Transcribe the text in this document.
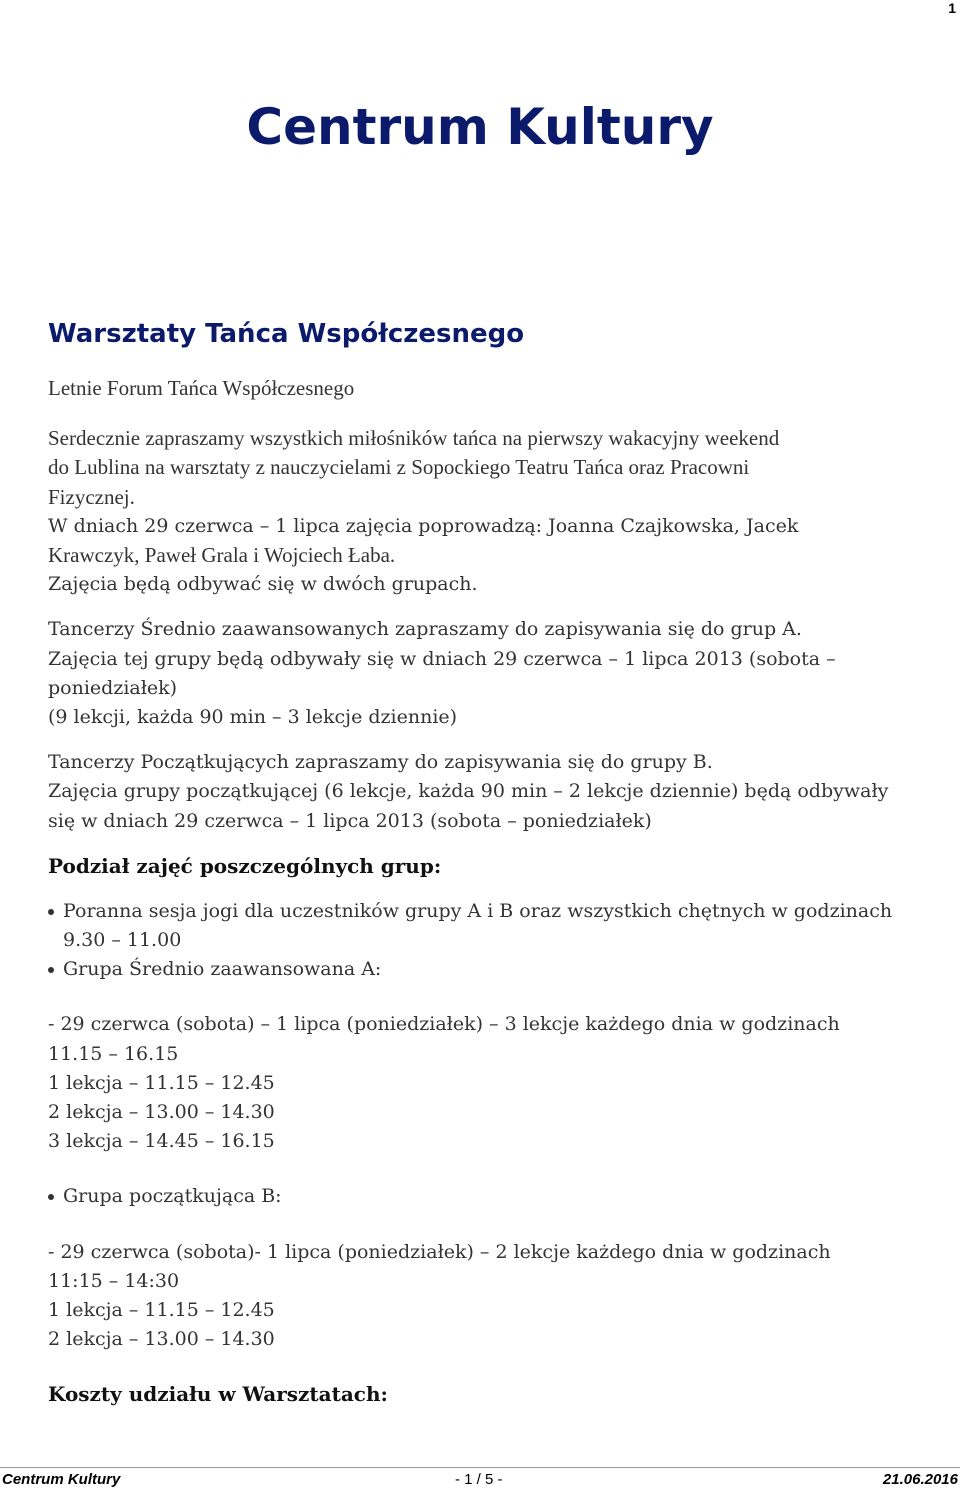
1
Centrum Kultury
Warsztaty Tańca Współczesnego

Letnie Forum Tańca Współczesnego

Serdecznie zapraszamy wszystkich miłośników tańca na pierwszy wakacyjny weekend
do Lublina na warsztaty z nauczycielami z Sopockiego Teatru Tańca oraz Pracowni
Fizycznej.
W dniach 29 czerwca – 1 lipca zajęcia poprowadzą: Joanna Czajkowska, Jacek
Krawczyk, Paweł Grala i Wojciech Łaba.
Zajęcia będą odbywać się w dwóch grupach.
Tancerzy Średnio zaawansowanych zapraszamy do zapisywania się do grup A.
Zajęcia tej grupy będą odbywały się w dniach 29 czerwca – 1 lipca 2013 (sobota –
poniedziałek)
(9 lekcji, każda 90 min – 3 lekcje dziennie)
Tancerzy Początkujących zapraszamy do zapisywania się do grupy B.
Zajęcia grupy początkującej (6 lekcje, każda 90 min – 2 lekcje dziennie) będą odbywały
się w dniach 29 czerwca – 1 lipca 2013 (sobota – poniedziałek)
Podział zajęć poszczególnych grup:
Poranna sesja jogi dla uczestników grupy A i B oraz wszystkich chętnych w godzinach
9.30 – 11.00
Grupa Średnio zaawansowana A:
- 29 czerwca (sobota) – 1 lipca (poniedziałek) – 3 lekcje każdego dnia w godzinach
11.15 – 16.15
1 lekcja – 11.15 – 12.45
2 lekcja – 13.00 – 14.30
3 lekcja – 14.45 – 16.15
Grupa początkująca B:
- 29 czerwca (sobota)- 1 lipca (poniedziałek) – 2 lekcje każdego dnia w godzinach
11:15 – 14:30
1 lekcja – 11.15 – 12.45
2 lekcja – 13.00 – 14.30
Koszty udziału w Warsztatach:
Centrum Kultury	- 1 / 5 -	21.06.2016
